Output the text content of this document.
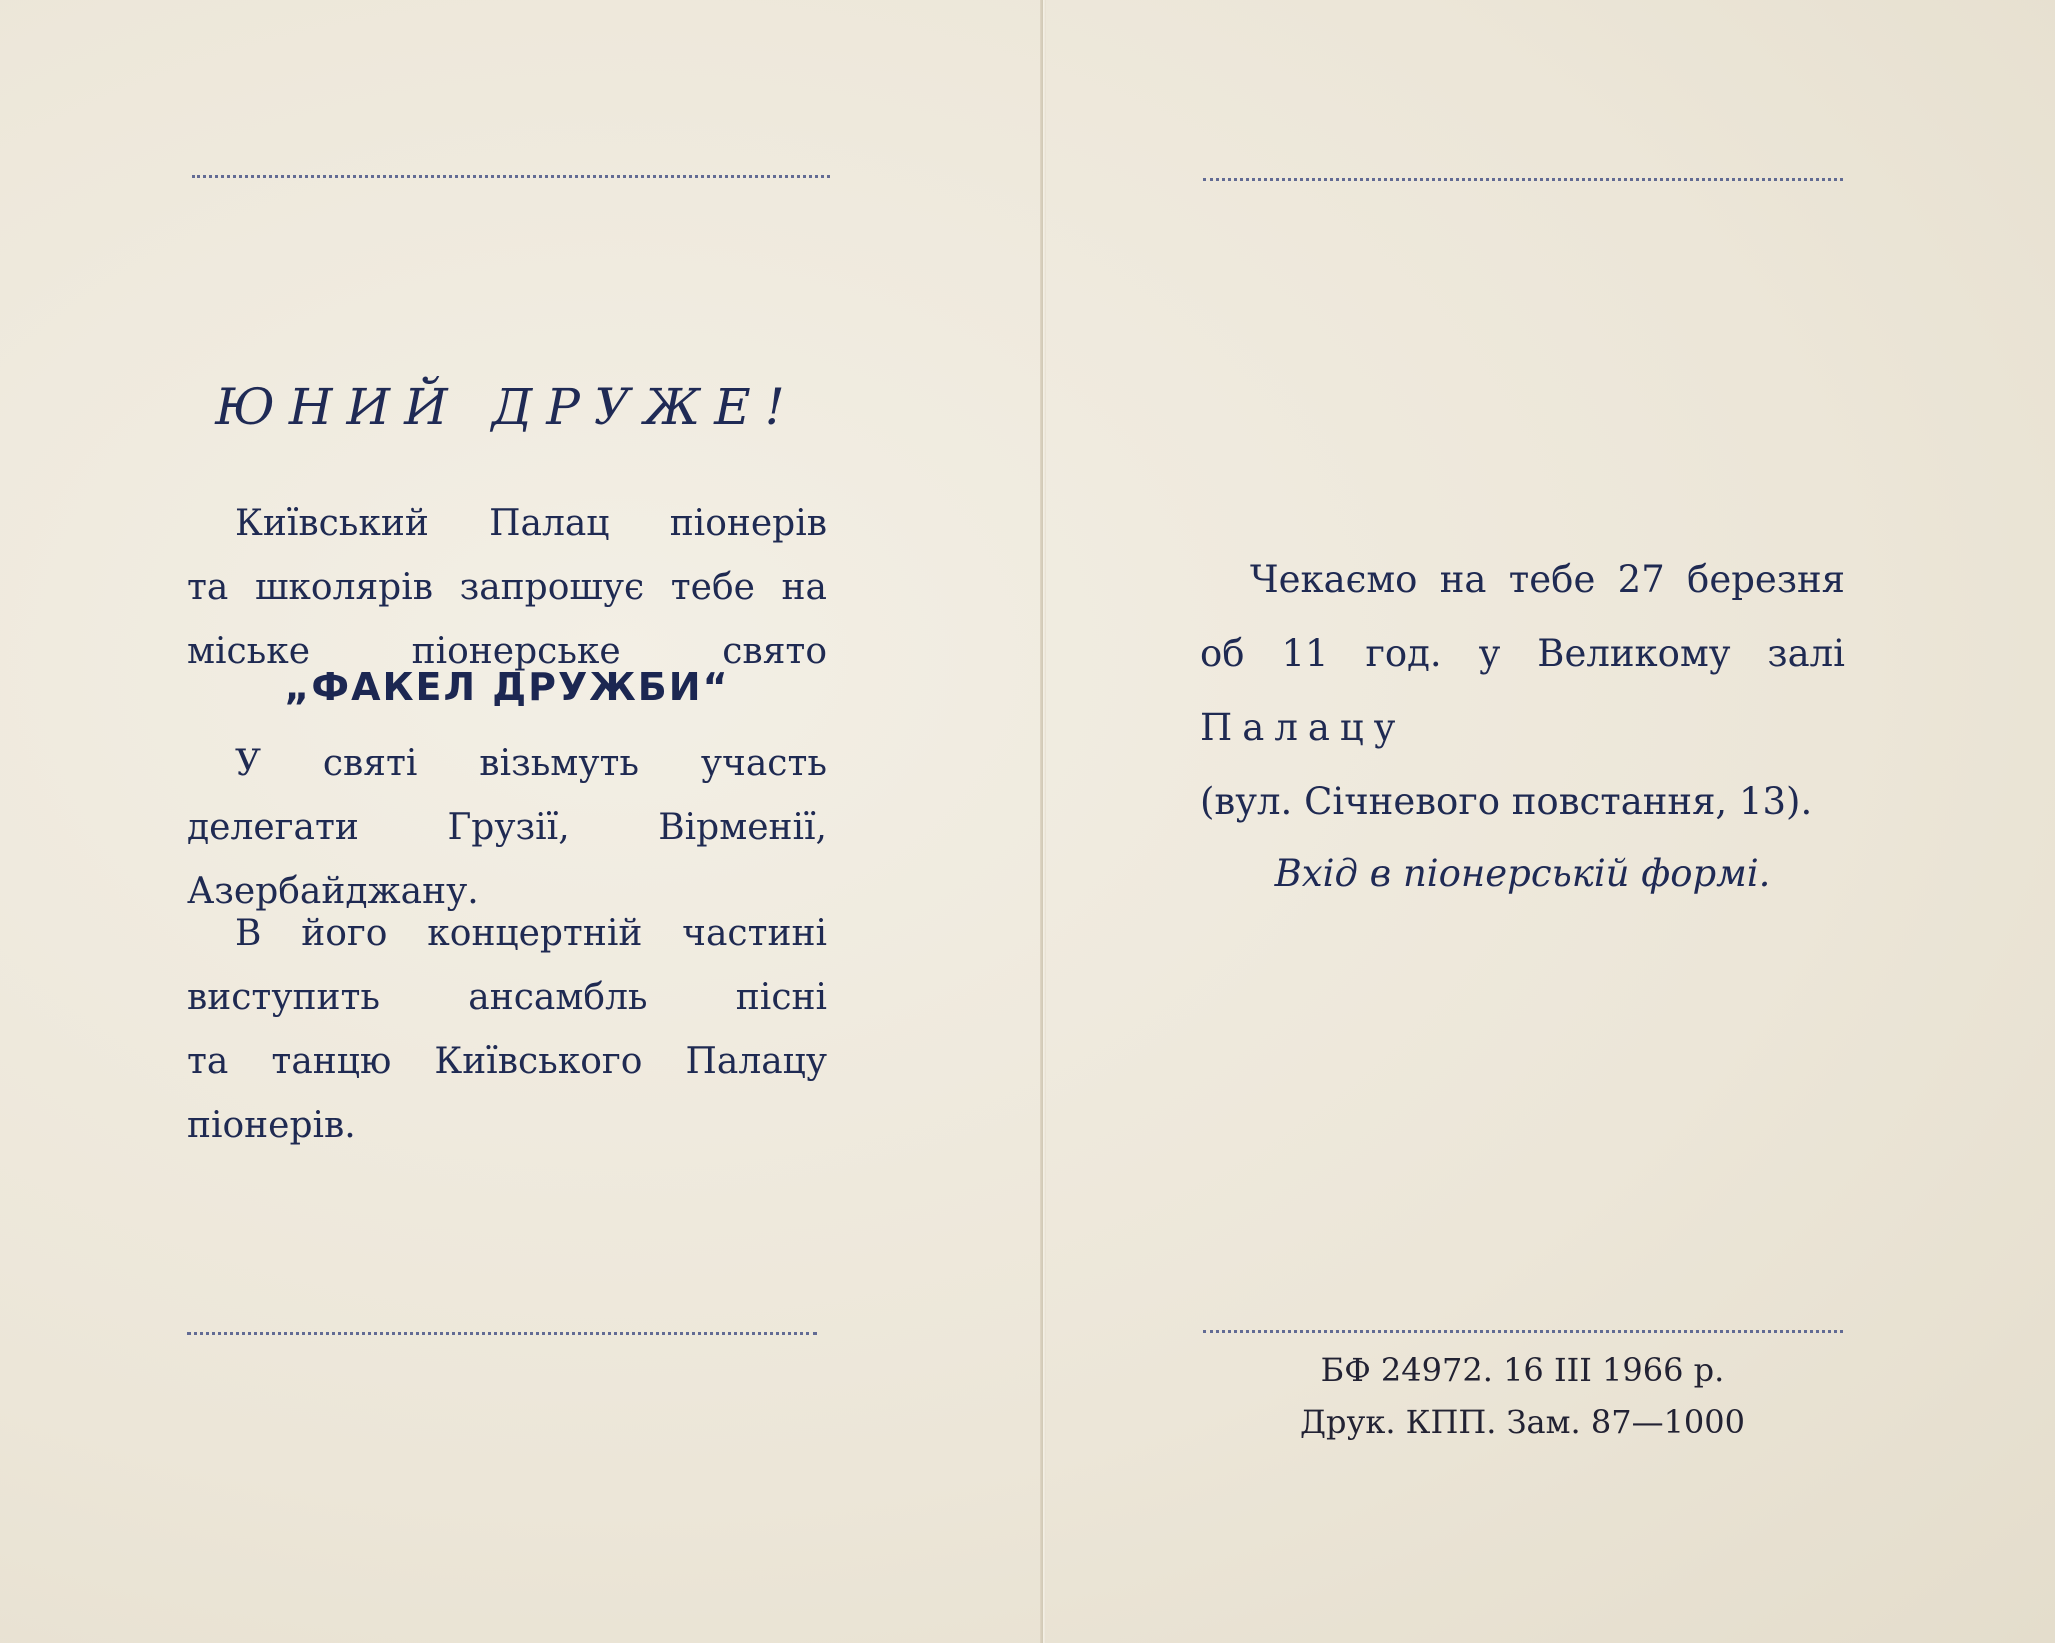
ЮНИЙ ДРУЖЕ!
Київський Палац піонерів
та школярів запрошує тебе на
міське піонерське свято
„ФАКЕЛ ДРУЖБИ“
У святі візьмуть участь
делегати Грузії, Вірменії,
Азербайджану.
В його концертній частині
виступить ансамбль пісні
та танцю Київського Палацу
піонерів.
Чекаємо на тебе 27 березня
об 11 год. у Великому залі
Палацу
(вул. Січневого повстання, 13).
Вхід в піонерській формі.
БФ 24972. 16 III 1966 р.
Друк. КПП. Зам. 87—1000
